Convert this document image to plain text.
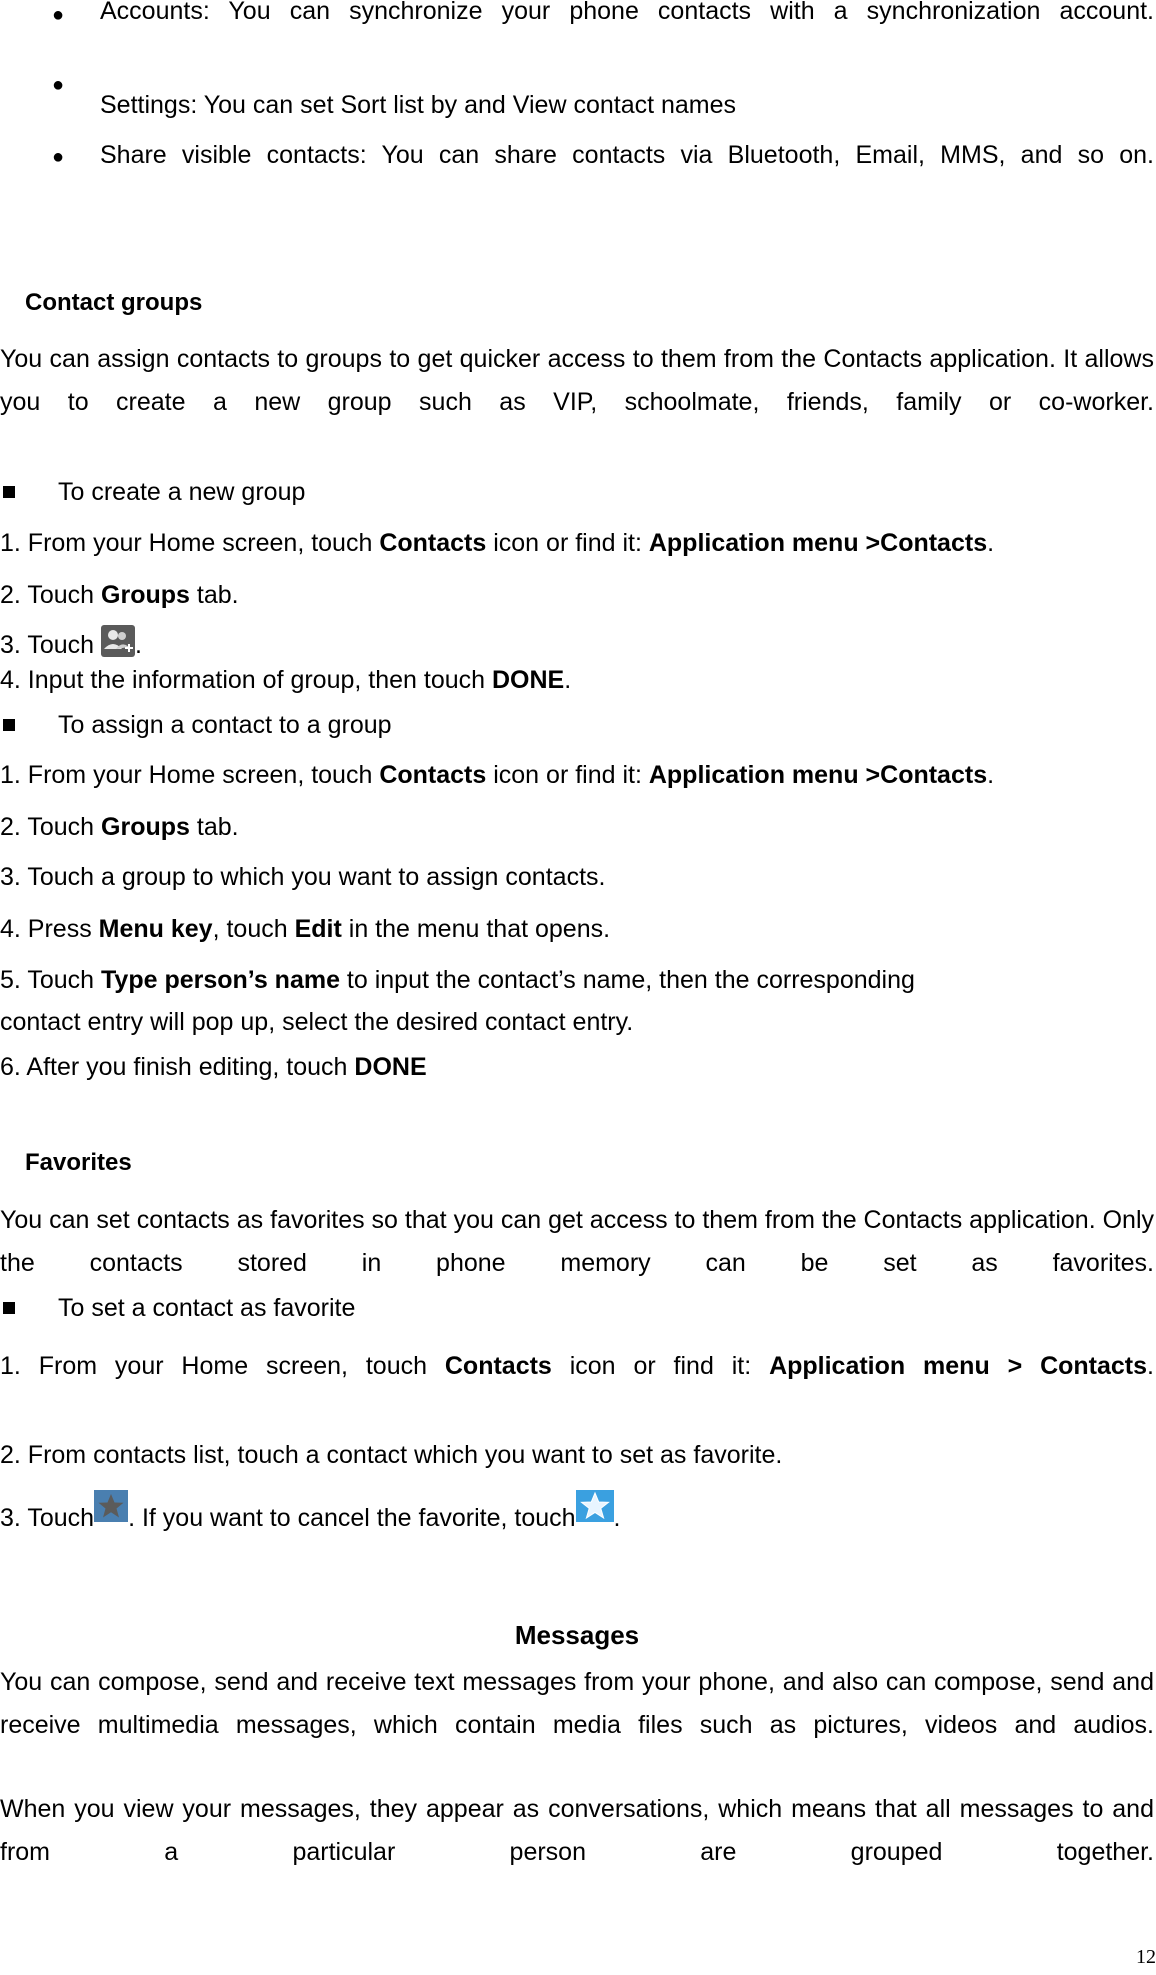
● Accounts: You can synchronize your phone contacts with a synchronization account.
●
Settings: You can set Sort list by and View contact names
● Share visible contacts: You can share contacts via Bluetooth, Email, MMS, and so on.
Contact groups
You can assign contacts to groups to get quicker access to them from the Contacts application. It allows you to create a new group such as VIP, schoolmate, friends, family or co-worker.
To create a new group
1. From your Home screen, touch Contacts icon or find it: Application menu >Contacts.
2. Touch Groups tab.
3. Touch .
4. Input the information of group, then touch DONE.
To assign a contact to a group
1. From your Home screen, touch Contacts icon or find it: Application menu >Contacts.
2. Touch Groups tab.
3. Touch a group to which you want to assign contacts.
4. Press Menu key, touch Edit in the menu that opens.
5. Touch Type person’s name to input the contact’s name, then the corresponding
contact entry will pop up, select the desired contact entry.
6. After you finish editing, touch DONE
Favorites
You can set contacts as favorites so that you can get access to them from the Contacts application. Only the contacts stored in phone memory can be set as favorites.
To set a contact as favorite
1. From your Home screen, touch Contacts icon or find it: Application menu > Contacts.
2. From contacts list, touch a contact which you want to set as favorite.
3. Touch . If you want to cancel the favorite, touch .
Messages
You can compose, send and receive text messages from your phone, and also can compose, send and receive multimedia messages, which contain media files such as pictures, videos and audios.
When you view your messages, they appear as conversations, which means that all messages to and from a particular person are grouped together.
12
